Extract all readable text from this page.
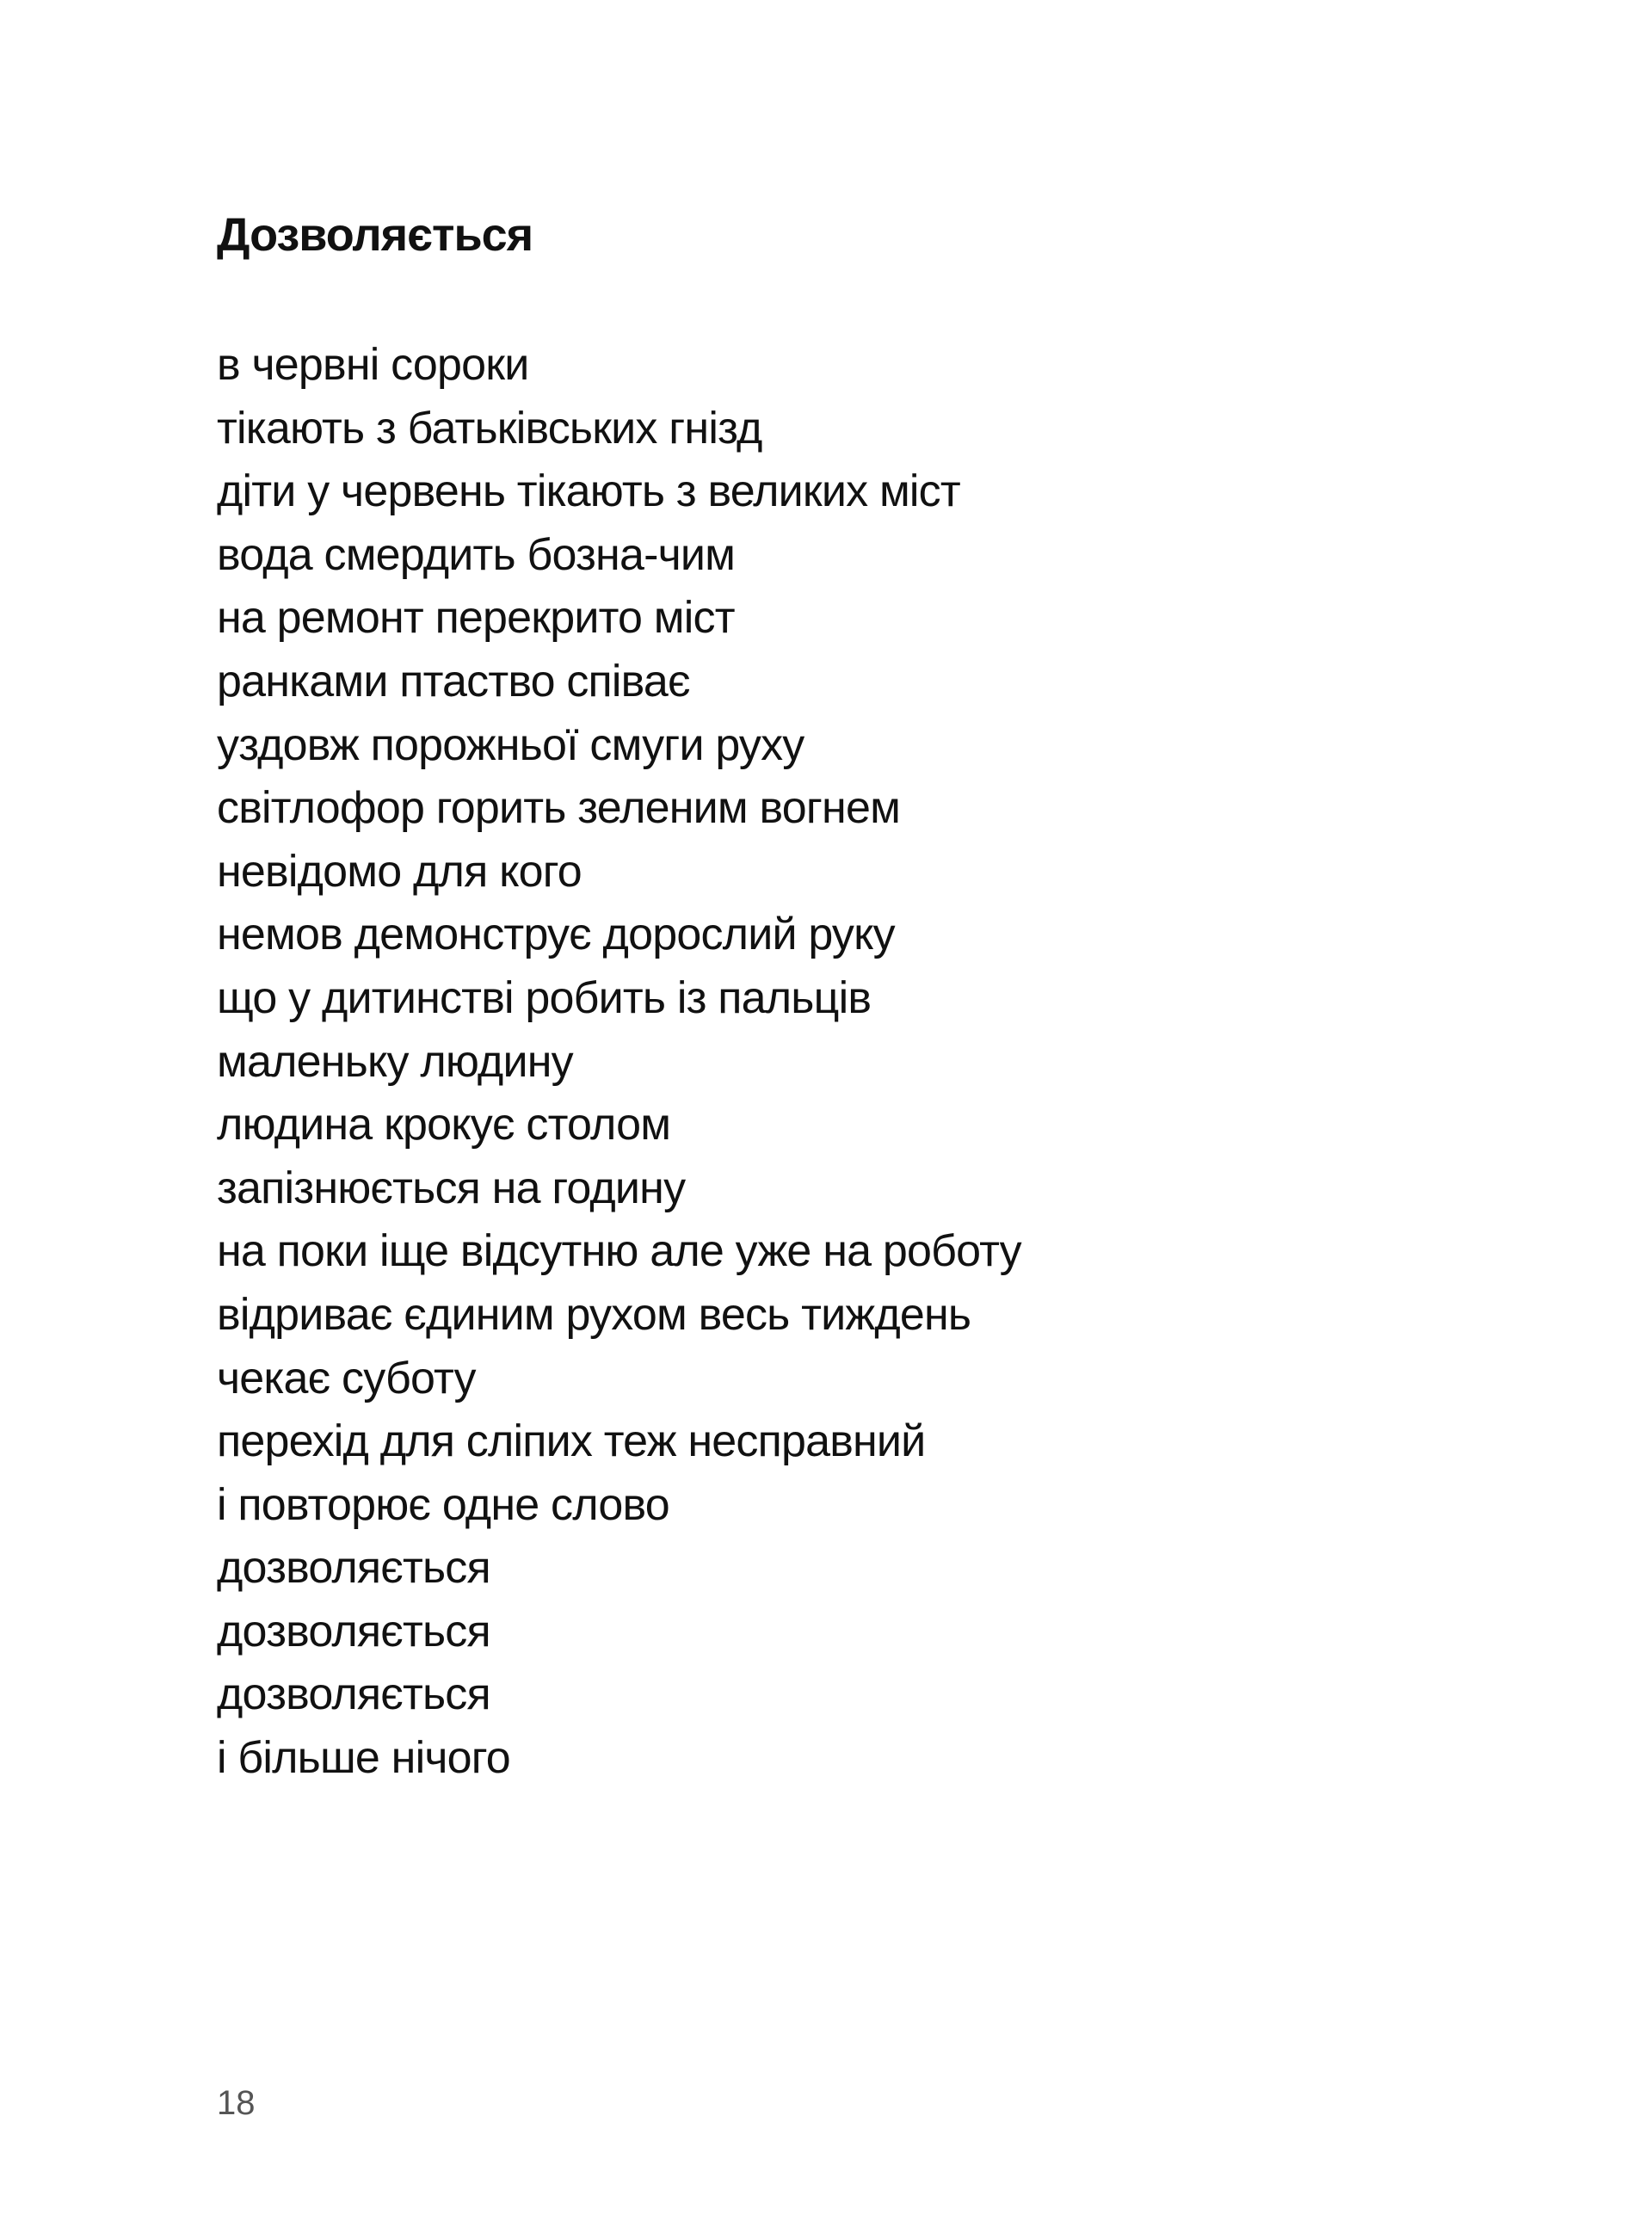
Дозволяється
в червні сороки
тікають з батьківських гнізд
діти у червень тікають з великих міст
вода смердить бозна-чим
на ремонт перекрито міст
ранками птаство співає
уздовж порожньої смуги руху
світлофор горить зеленим вогнем
невідомо для кого
немов демонструє дорослий руку
що у дитинстві робить із пальців
маленьку людину
людина крокує столом
запізнюється на годину
на поки іще відсутню але уже на роботу
відриває єдиним рухом весь тиждень
чекає суботу
перехід для сліпих теж несправний
і повторює одне слово
дозволяється
дозволяється
дозволяється
і більше нічого
18
